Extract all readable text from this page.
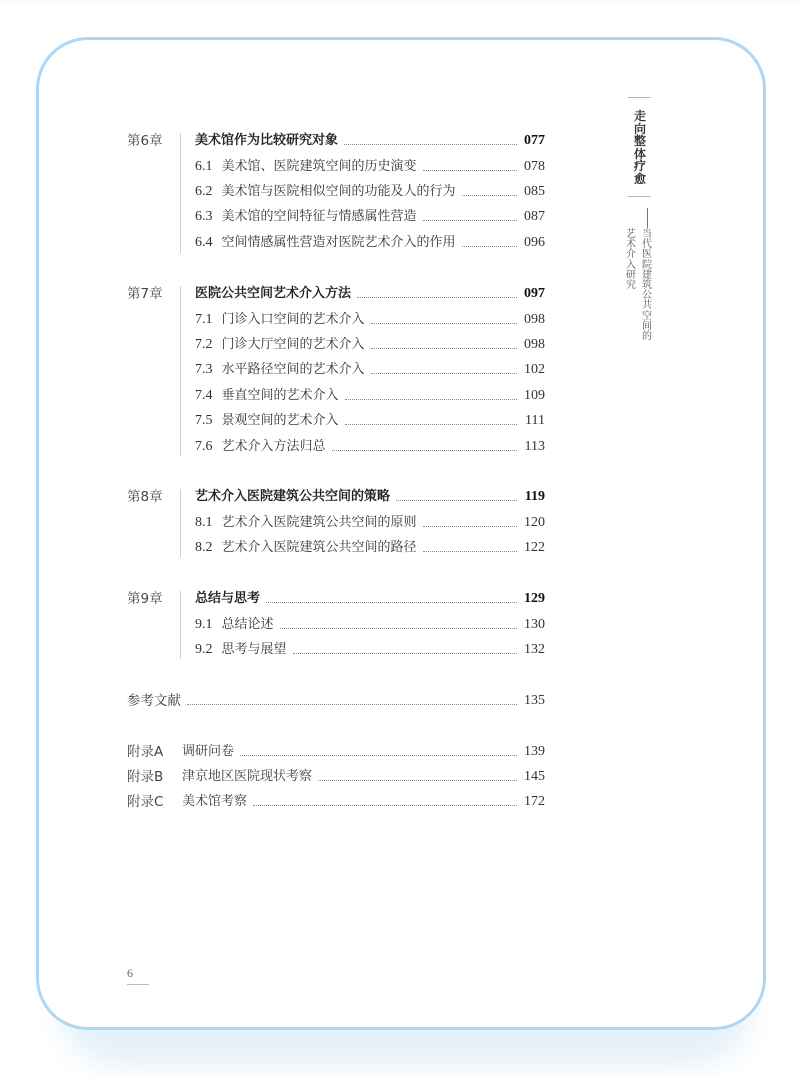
第6章	美术馆作为比较研究对象	077
6.1 美术馆、医院建筑空间的历史演变	078
6.2 美术馆与医院相似空间的功能及人的行为	085
6.3 美术馆的空间特征与情感属性营造	087
6.4 空间情感属性营造对医院艺术介入的作用	096
第7章	医院公共空间艺术介入方法	097
7.1 门诊入口空间的艺术介入	098
7.2 门诊大厅空间的艺术介入	098
7.3 水平路径空间的艺术介入	102
7.4 垂直空间的艺术介入	109
7.5 景观空间的艺术介入	111
7.6 艺术介入方法归总	113
第8章	艺术介入医院建筑公共空间的策略	119
8.1 艺术介入医院建筑公共空间的原则	120
8.2 艺术介入医院建筑公共空间的路径	122
第9章	总结与思考	129
9.1 总结论述	130
9.2 思考与展望	132
参考文献	135
附录A	调研问卷	139
附录B	津京地区医院现状考察	145
附录C	美术馆考察	172
走向整体疗愈
当代医院建筑公共空间的
艺术介入研究
6
